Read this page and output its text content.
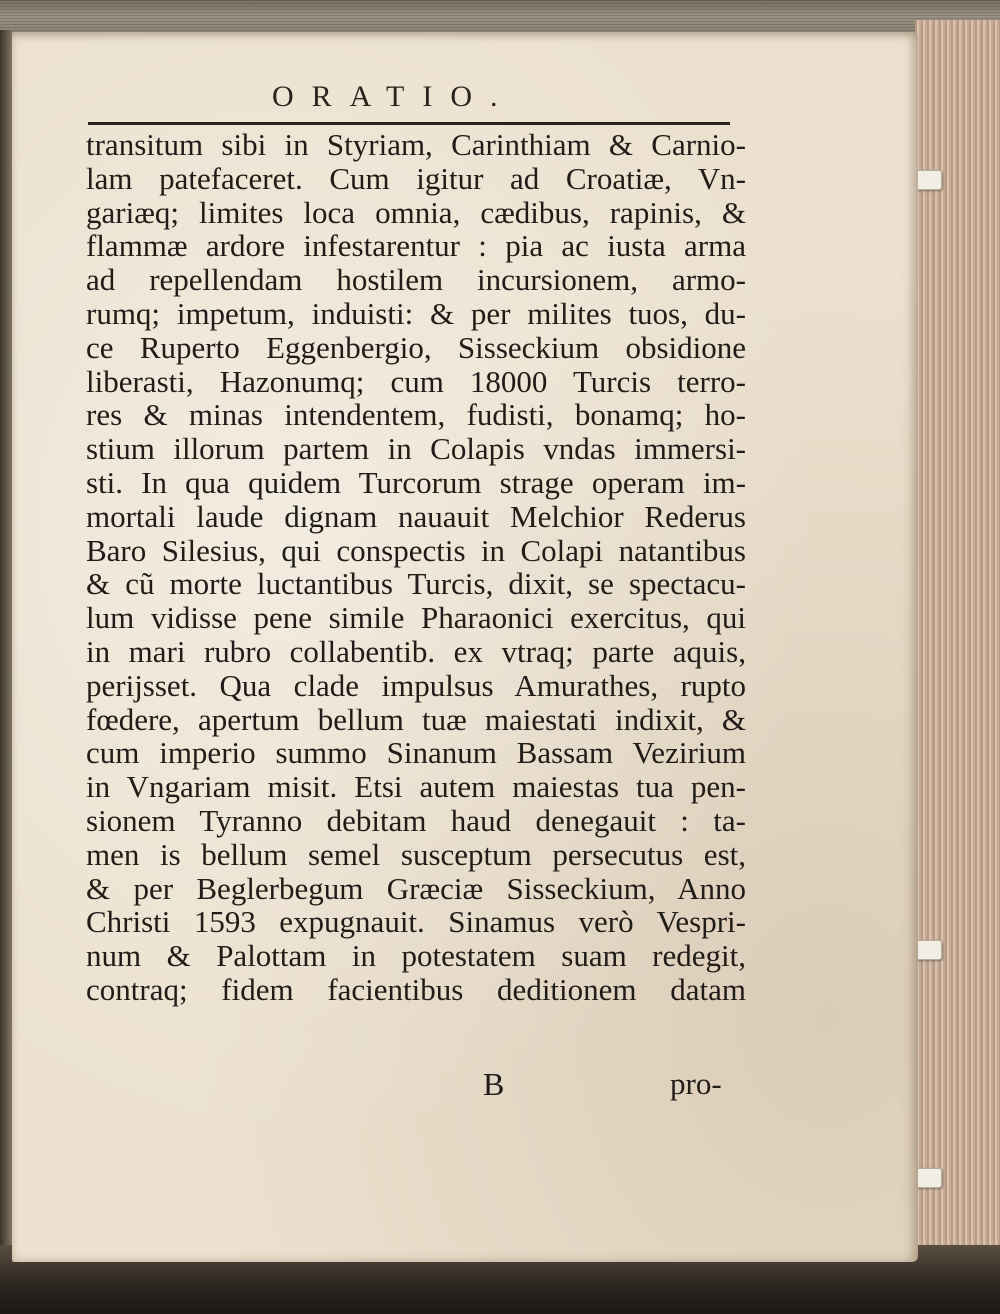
ORATIO.
transitum sibi in Styriam, Carinthiam & Carnio-
lam patefaceret. Cum igitur ad Croatiæ, Vn-
gariæq; limites loca omnia, cædibus, rapinis, &
flammæ ardore infestarentur : pia ac iusta arma
ad repellendam hostilem incursionem, armo-
rumq; impetum, induisti: & per milites tuos, du-
ce Ruperto Eggenbergio, Sisseckium obsidione
liberasti, Hazonumq; cum 18000 Turcis terro-
res & minas intendentem, fudisti, bonamq; ho-
stium illorum partem in Colapis vndas immersi-
sti. In qua quidem Turcorum strage operam im-
mortali laude dignam nauauit Melchior Rederus
Baro Silesius, qui conspectis in Colapi natantibus
& cũ morte luctantibus Turcis, dixit, se spectacu-
lum vidisse pene simile Pharaonici exercitus, qui
in mari rubro collabentib. ex vtraq; parte aquis,
perijsset. Qua clade impulsus Amurathes, rupto
fœdere, apertum bellum tuæ maiestati indixit, &
cum imperio summo Sinanum Bassam Vezirium
in Vngariam misit. Etsi autem maiestas tua pen-
sionem Tyranno debitam haud denegauit : ta-
men is bellum semel susceptum persecutus est,
& per Beglerbegum Græciæ Sisseckium, Anno
Christi 1593 expugnauit. Sinamus verò Vespri-
num & Palottam in potestatem suam redegit,
contraq; fidem facientibus deditionem datam
B	pro-
